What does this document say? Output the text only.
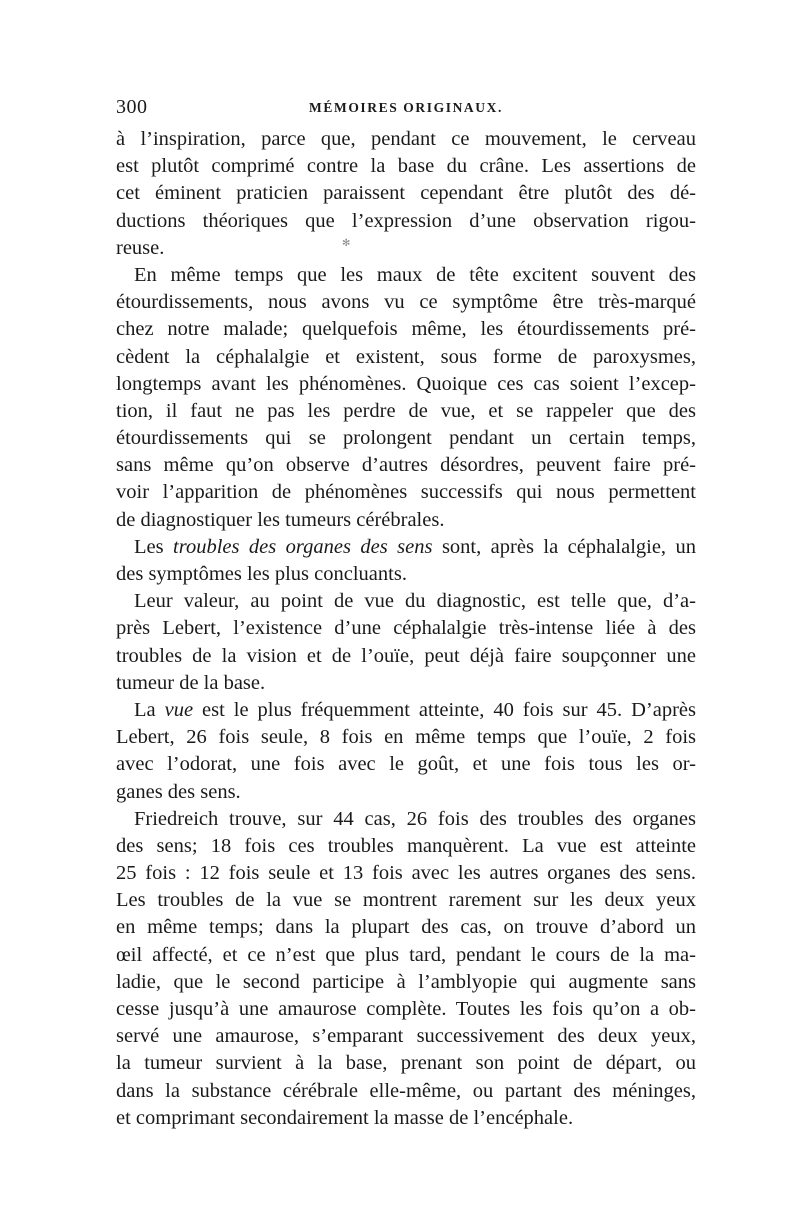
300	MÉMOIRES ORIGINAUX.
à l’inspiration, parce que, pendant ce mouvement, le cerveau
est plutôt comprimé contre la base du crâne. Les assertions de
cet éminent praticien paraissent cependant être plutôt des dé-
ductions théoriques que l’expression d’une observation rigou-
reuse.
En même temps que les maux de tête excitent souvent des
étourdissements, nous avons vu ce symptôme être très-marqué
chez notre malade; quelquefois même, les étourdissements pré-
cèdent la céphalalgie et existent, sous forme de paroxysmes,
longtemps avant les phénomènes. Quoique ces cas soient l’excep-
tion, il faut ne pas les perdre de vue, et se rappeler que des
étourdissements qui se prolongent pendant un certain temps,
sans même qu’on observe d’autres désordres, peuvent faire pré-
voir l’apparition de phénomènes successifs qui nous permettent
de diagnostiquer les tumeurs cérébrales.
Les troubles des organes des sens sont, après la céphalalgie, un
des symptômes les plus concluants.
Leur valeur, au point de vue du diagnostic, est telle que, d’a-
près Lebert, l’existence d’une céphalalgie très-intense liée à des
troubles de la vision et de l’ouïe, peut déjà faire soupçonner une
tumeur de la base.
La vue est le plus fréquemment atteinte, 40 fois sur 45. D’après
Lebert, 26 fois seule, 8 fois en même temps que l’ouïe, 2 fois
avec l’odorat, une fois avec le goût, et une fois tous les or-
ganes des sens.
Friedreich trouve, sur 44 cas, 26 fois des troubles des organes
des sens; 18 fois ces troubles manquèrent. La vue est atteinte
25 fois : 12 fois seule et 13 fois avec les autres organes des sens.
Les troubles de la vue se montrent rarement sur les deux yeux
en même temps; dans la plupart des cas, on trouve d’abord un
œil affecté, et ce n’est que plus tard, pendant le cours de la ma-
ladie, que le second participe à l’amblyopie qui augmente sans
cesse jusqu’à une amaurose complète. Toutes les fois qu’on a ob-
servé une amaurose, s’emparant successivement des deux yeux,
la tumeur survient à la base, prenant son point de départ, ou
dans la substance cérébrale elle-même, ou partant des méninges,
et comprimant secondairement la masse de l’encéphale.
✻
